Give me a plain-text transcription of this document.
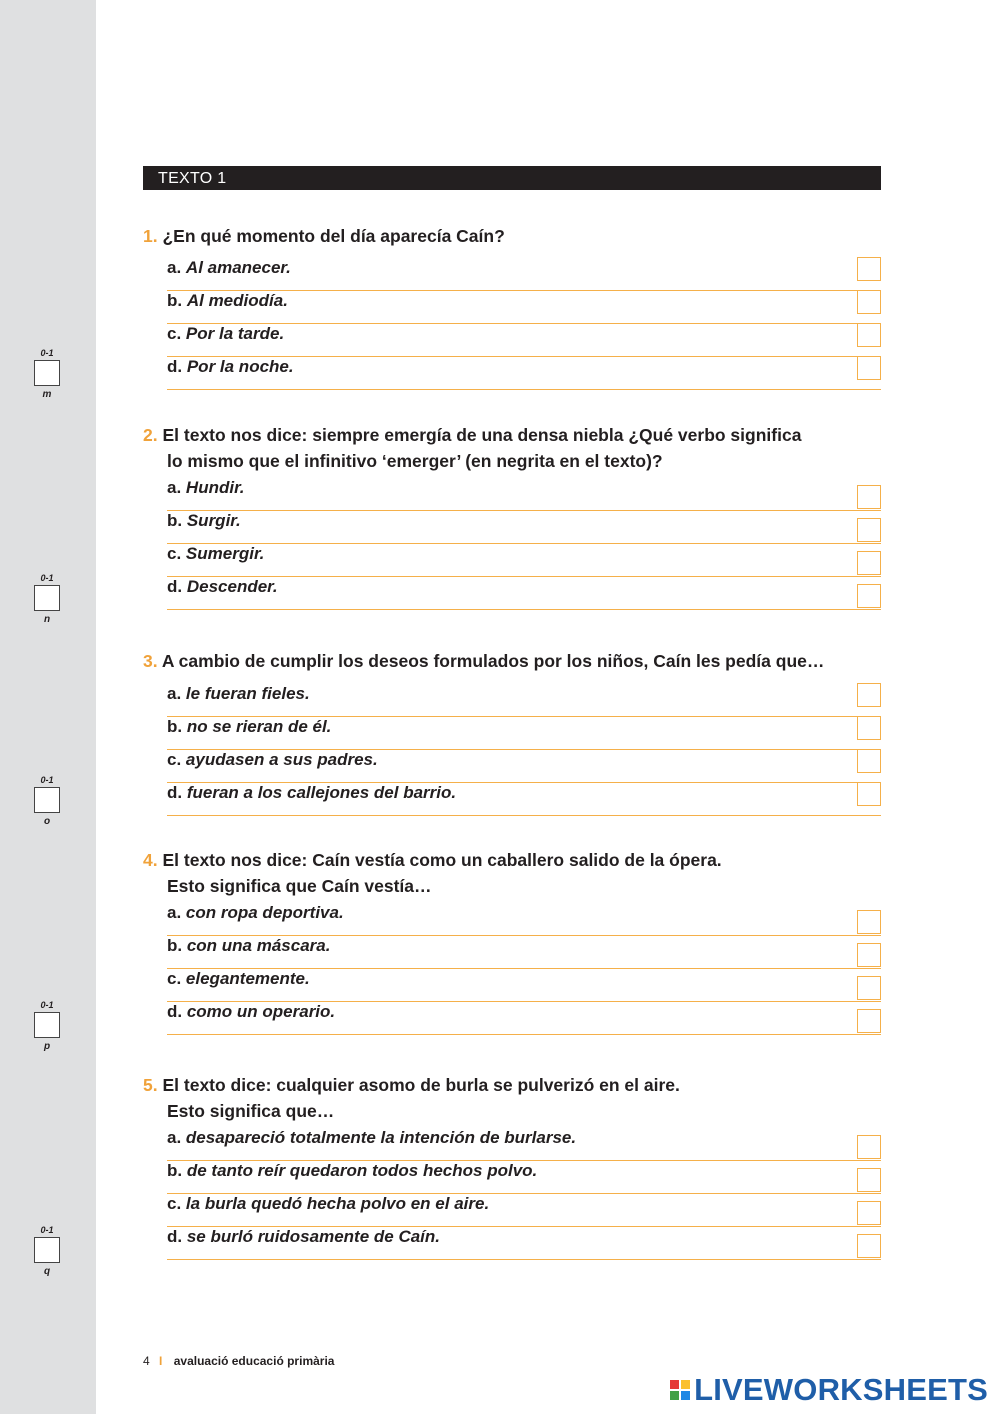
0-1
m
0-1
n
0-1
o
0-1
p
0-1
q
TEXTO 1
1. ¿En qué momento del día aparecía Caín?
a. Al amanecer.
b. Al mediodía.
c. Por la tarde.
d. Por la noche.
2. El texto nos dice: siempre emergía de una densa niebla ¿Qué verbo significa
lo mismo que el infinitivo ‘emerger’ (en negrita en el texto)?
a. Hundir.
b. Surgir.
c. Sumergir.
d. Descender.
3. A cambio de cumplir los deseos formulados por los niños, Caín les pedía que…
a. le fueran fieles.
b. no se rieran de él.
c. ayudasen a sus padres.
d. fueran a los callejones del barrio.
4. El texto nos dice: Caín vestía como un caballero salido de la ópera.
Esto significa que Caín vestía…
a. con ropa deportiva.
b. con una máscara.
c. elegantemente.
d. como un operario.
5. El texto dice: cualquier asomo de burla se pulverizó en el aire.
Esto significa que…
a. desapareció totalmente la intención de burlarse.
b. de tanto reír quedaron todos hechos polvo.
c. la burla quedó hecha polvo en el aire.
d. se burló ruidosamente de Caín.
4 I avaluació educació primària
LIVEWORKSHEETS
